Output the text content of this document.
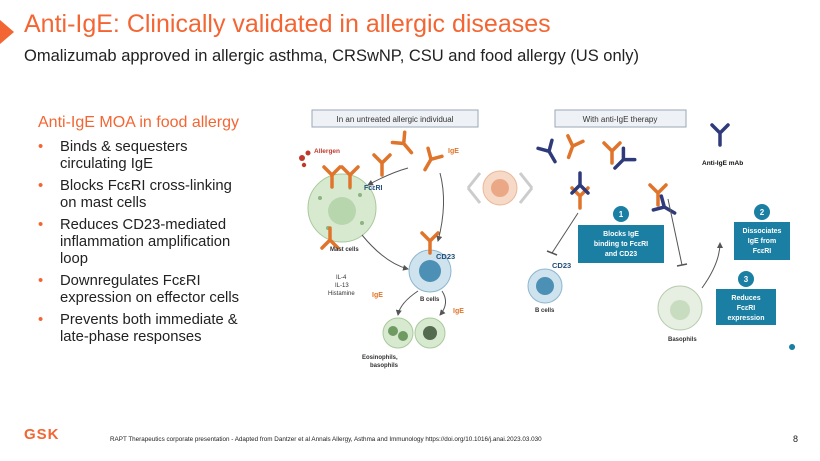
Anti-IgE: Clinically validated in allergic diseases
Omalizumab approved in allergic asthma, CRSwNP, CSU and food allergy (US only)
Anti-IgE MOA in food allergy
• Binds & sequesters
circulating IgE
• Blocks FcεRI cross-linking
on mast cells
• Reduces CD23-mediated
inflammation amplification
loop
• Downregulates FcεRI
expression on effector cells
• Prevents both immediate &
late-phase responses
In an untreated allergic individual	With anti-IgE therapy
Allergen	IgE
FcεRI
Mast cells
CD23
B cells
IL-4
IL-13
Histamine IgE
IgE
Eosinophils,
basophils
Anti-IgE mAb
1
Blocks IgE
binding to FcεRI
and CD23
2
Dissociates
IgE from
FcεRI
3
Reduces
FcεRI
expression
CD23
B cells
Basophils
GSK	RAPT Therapeutics corporate presentation - Adapted from Dantzer et al Annals Allergy, Asthma and Immunology https://doi.org/10.1016/j.anai.2023.03.030	8
